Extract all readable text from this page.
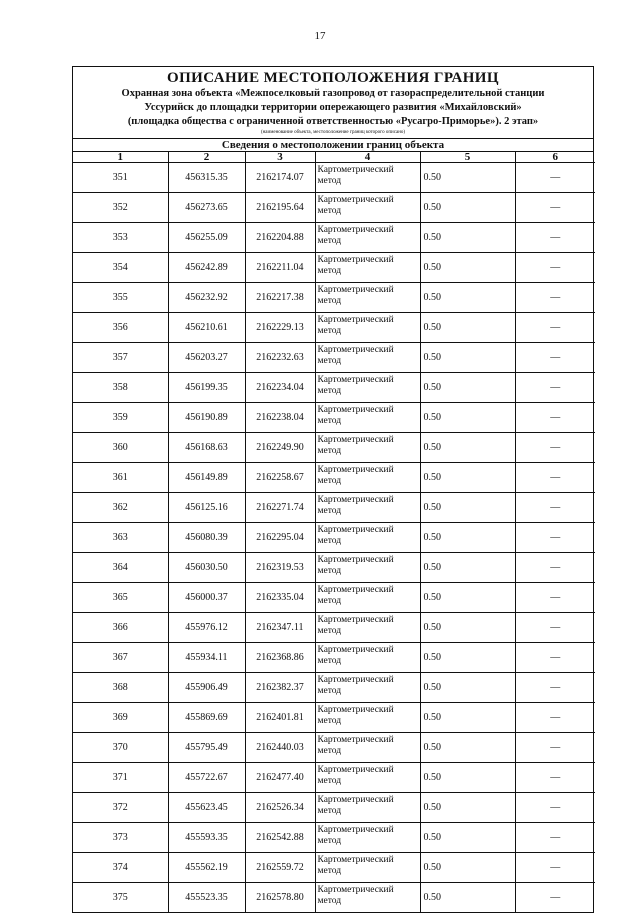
17
ОПИСАНИЕ МЕСТОПОЛОЖЕНИЯ ГРАНИЦ
Охранная зона объекта «Межпоселковый газопровод от газораспределительной станции
Уссурийск до площадки территории опережающего развития «Михайловский»
(площадка общества с ограниченной ответственностью «Русагро-Приморье»). 2 этап»
(наименование объекта, местоположение границ которого описано)
Сведения о местоположении границ объекта
1	2	3	4	5	6
351	456315.35	2162174.07	Картометрический метод	0.50	—
352	456273.65	2162195.64	Картометрический метод	0.50	—
353	456255.09	2162204.88	Картометрический метод	0.50	—
354	456242.89	2162211.04	Картометрический метод	0.50	—
355	456232.92	2162217.38	Картометрический метод	0.50	—
356	456210.61	2162229.13	Картометрический метод	0.50	—
357	456203.27	2162232.63	Картометрический метод	0.50	—
358	456199.35	2162234.04	Картометрический метод	0.50	—
359	456190.89	2162238.04	Картометрический метод	0.50	—
360	456168.63	2162249.90	Картометрический метод	0.50	—
361	456149.89	2162258.67	Картометрический метод	0.50	—
362	456125.16	2162271.74	Картометрический метод	0.50	—
363	456080.39	2162295.04	Картометрический метод	0.50	—
364	456030.50	2162319.53	Картометрический метод	0.50	—
365	456000.37	2162335.04	Картометрический метод	0.50	—
366	455976.12	2162347.11	Картометрический метод	0.50	—
367	455934.11	2162368.86	Картометрический метод	0.50	—
368	455906.49	2162382.37	Картометрический метод	0.50	—
369	455869.69	2162401.81	Картометрический метод	0.50	—
370	455795.49	2162440.03	Картометрический метод	0.50	—
371	455722.67	2162477.40	Картометрический метод	0.50	—
372	455623.45	2162526.34	Картометрический метод	0.50	—
373	455593.35	2162542.88	Картометрический метод	0.50	—
374	455562.19	2162559.72	Картометрический метод	0.50	—
375	455523.35	2162578.80	Картометрический метод	0.50	—
